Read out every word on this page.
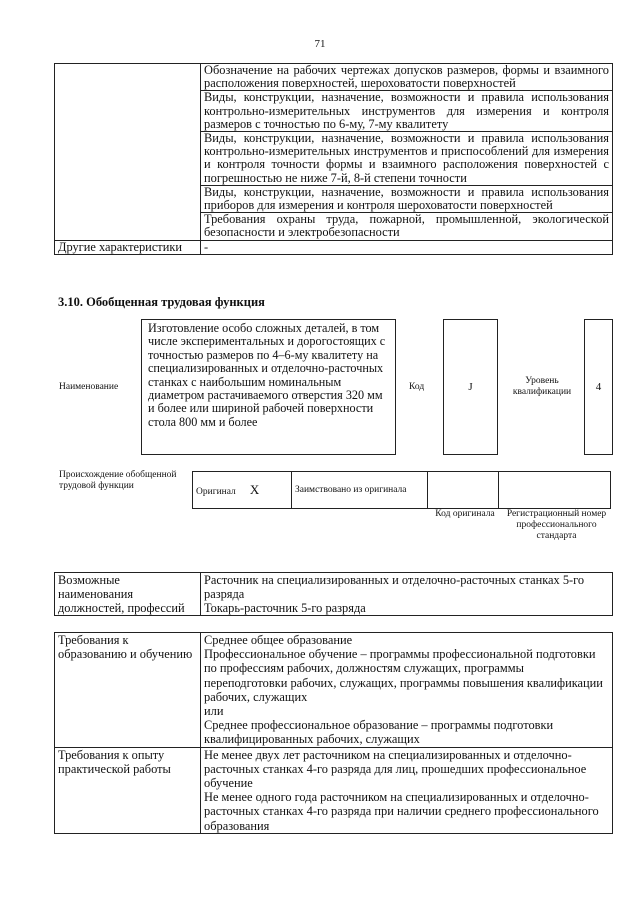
71
	Обозначение на рабочих чертежах допусков размеров, формы и взаимного расположения поверхностей, шероховатости поверхностей
	Виды, конструкции, назначение, возможности и правила использования контрольно-измерительных инструментов для измерения и контроля размеров с точностью по 6-му, 7-му квалитету
	Виды, конструкции, назначение, возможности и правила использования контрольно-измерительных инструментов и приспособлений для измерения и контроля точности формы и взаимного расположения поверхностей с погрешностью не ниже 7-й, 8-й степени точности
	Виды, конструкции, назначение, возможности и правила использования приборов для измерения и контроля шероховатости поверхностей
	Требования охраны труда, пожарной, промышленной, экологической безопасности и электробезопасности
Другие характеристики	-
3.10. Обобщенная трудовая функция
Наименование
Изготовление особо сложных деталей, в том числе экспериментальных и дорогостоящих с точностью размеров по 4–6-му квалитету на специализированных и отделочно-расточных станках с наибольшим номинальным диаметром растачиваемого отверстия 320 мм и более или шириной рабочей поверхности стола 800 мм и более
Код	J	Уровень квалификации	4
Происхождение обобщенной трудовой функции
Оригинал X	Заимствовано из оригинала		
Код оригинала	Регистрационный номер профессионального стандарта
Возможные наименования должностей, профессий	
Расточник на специализированных и отделочно-расточных станках 5-го разряда
Токарь-расточник 5-го разряда
Требования к образованию и обучению	Среднее общее образование
Профессиональное обучение – программы профессиональной подготовки по профессиям рабочих, должностям служащих, программы переподготовки рабочих, служащих, программы повышения квалификации рабочих, служащих
или
Среднее профессиональное образование – программы подготовки квалифицированных рабочих, служащих

Требования к опыту практической работы	Не менее двух лет расточником на специализированных и отделочно-расточных станках 4-го разряда для лиц, прошедших профессиональное обучение
Не менее одного года расточником на специализированных и отделочно-расточных станках 4-го разряда при наличии среднего профессионального образования
